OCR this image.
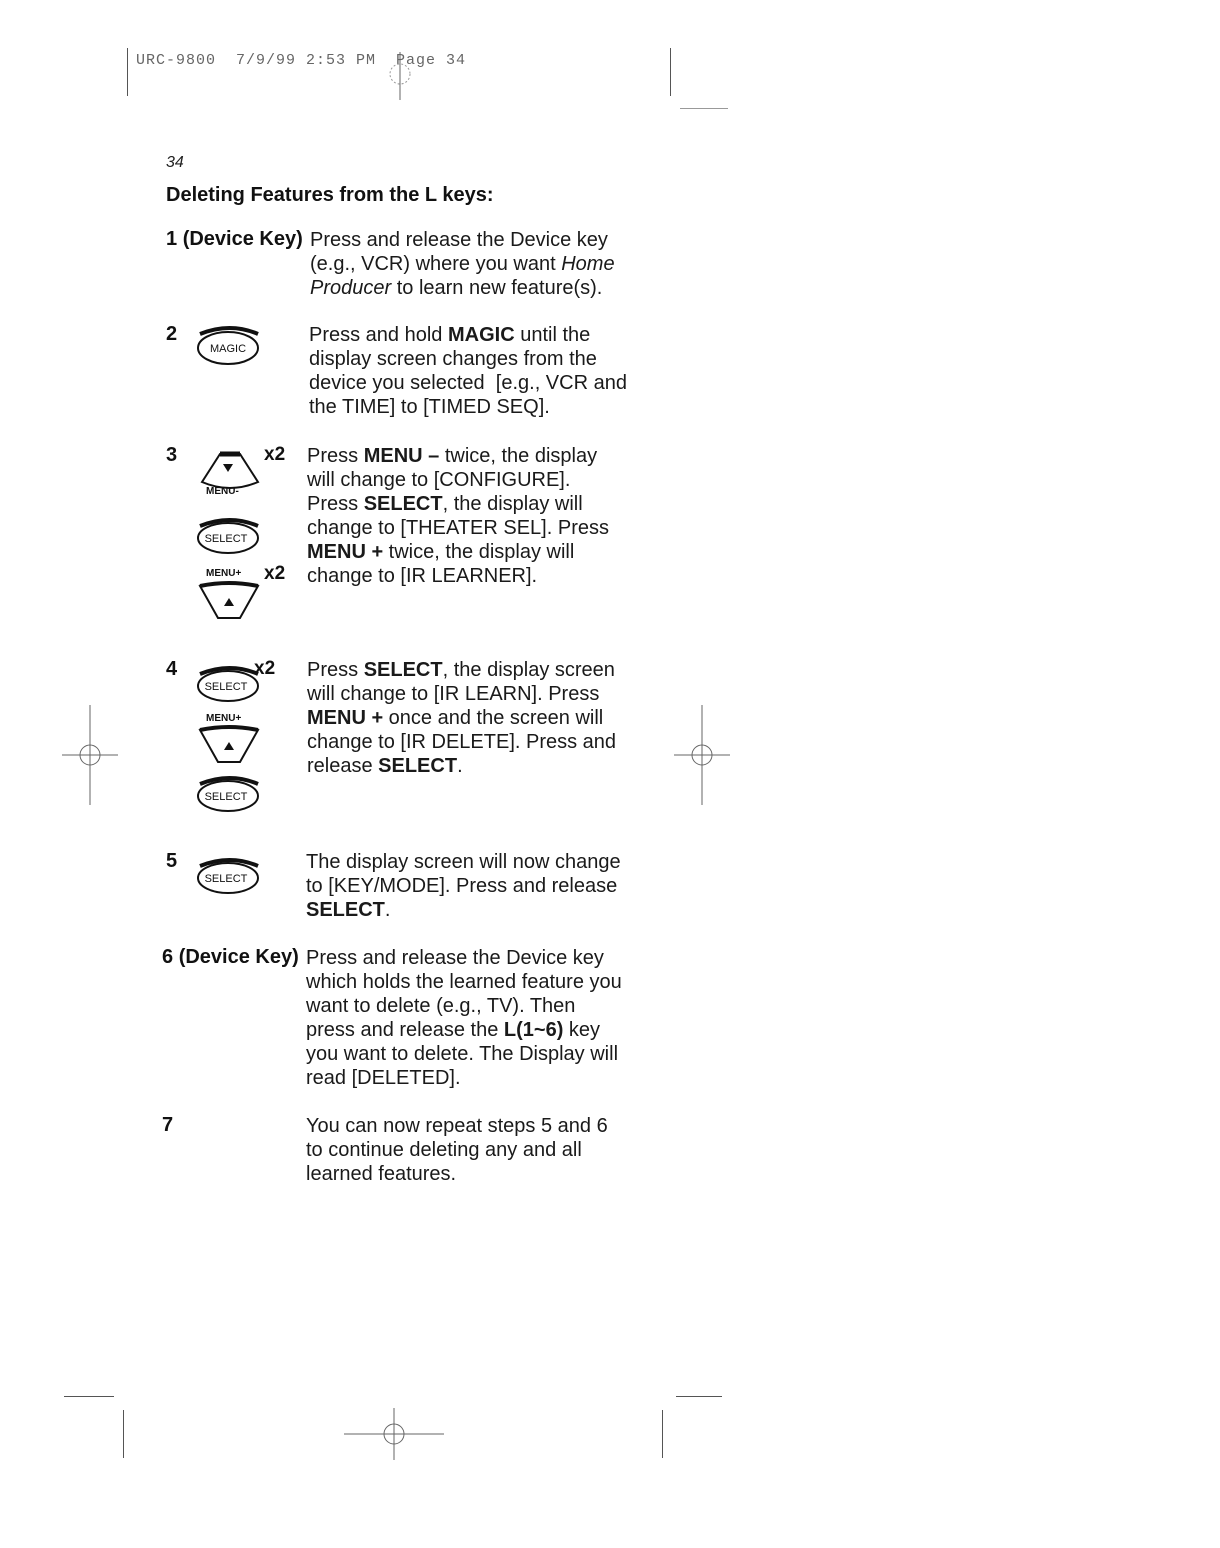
URC-9800  7/9/99 2:53 PM  Page 34
34
Deleting Features from the L keys:
1 (Device Key)
2
3
4
5
6 (Device Key)
7
Press and release the Device key
(e.g., VCR) where you want Home
Producer to learn new feature(s).
Press and hold MAGIC until the
display screen changes from the
device you selected  [e.g., VCR and
the TIME] to [TIMED SEQ].
Press MENU – twice, the display
will change to [CONFIGURE].
Press SELECT, the display will
change to [THEATER SEL]. Press
MENU + twice, the display will
change to [IR LEARNER].
Press SELECT, the display screen
will change to [IR LEARN]. Press
MENU + once and the screen will
change to [IR DELETE]. Press and
release SELECT.
The display screen will now change
to [KEY/MODE]. Press and release
SELECT.
Press and release the Device key
which holds the learned feature you
want to delete (e.g., TV). Then
press and release the L(1~6) key
you want to delete. The Display will
read [DELETED].
You can now repeat steps 5 and 6
to continue deleting any and all
learned features.
MAGIC
x2
MENU-
SELECT
MENU+ x2
SELECT
x2
MENU+
SELECT
SELECT
